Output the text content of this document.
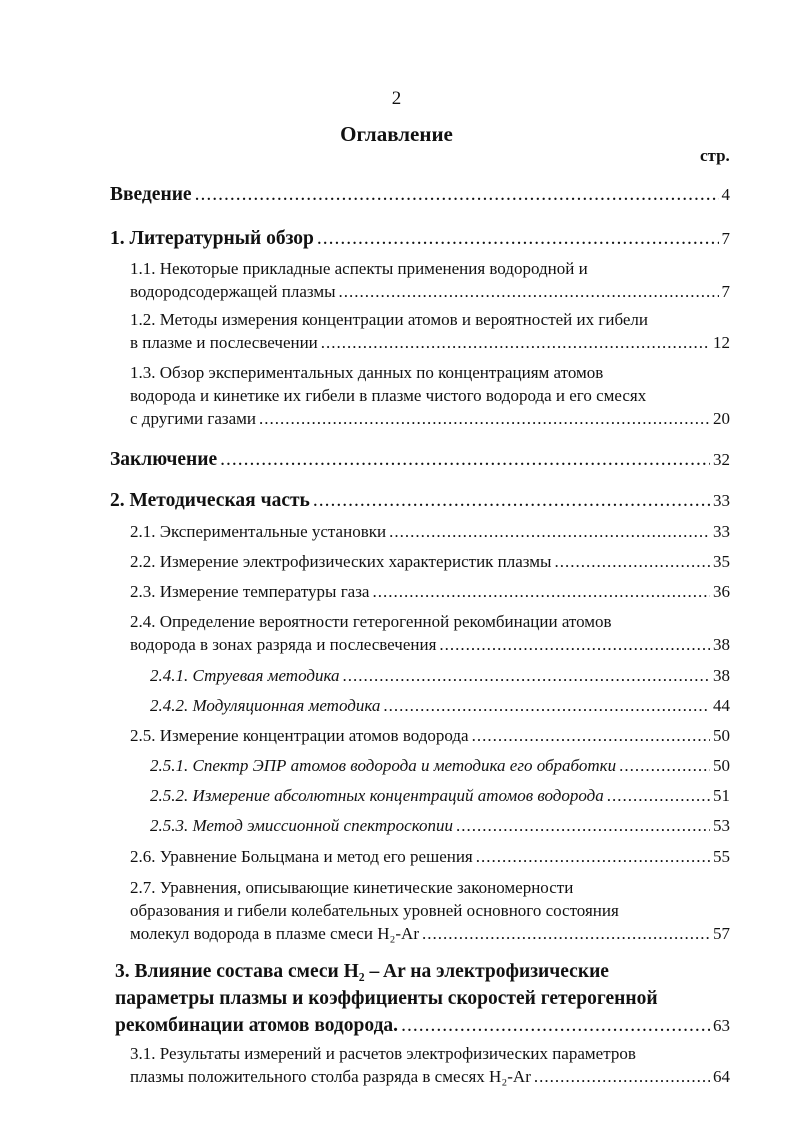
2
Оглавление
стр.
Введение .....	4
1. Литературный обзор .....	7
1.1. Некоторые прикладные аспекты применения водородной и
водородсодержащей плазмы .....	7
1.2. Методы измерения концентрации атомов и вероятностей их гибели
в плазме и послесвечении .....	12
1.3. Обзор экспериментальных данных по концентрациям атомов
водорода и кинетике их гибели в плазме чистого водорода и его смесях
с другими газами .....	20
Заключение .....	32
2. Методическая часть .....	33
2.1. Экспериментальные установки .....	33
2.2. Измерение электрофизических характеристик плазмы .....	35
2.3. Измерение температуры газа .....	36
2.4. Определение вероятности гетерогенной рекомбинации атомов
водорода в зонах разряда и послесвечения .....	38
2.4.1. Струевая методика .....	38
2.4.2. Модуляционная методика .....	44
2.5. Измерение концентрации атомов водорода .....	50
2.5.1. Спектр ЭПР атомов водорода и методика его обработки .....	50
2.5.2. Измерение абсолютных концентраций атомов водорода .....	51
2.5.3. Метод эмиссионной спектроскопии .....	53
2.6. Уравнение Больцмана и метод его решения .....	55
2.7. Уравнения, описывающие кинетические закономерности
образования и гибели колебательных уровней основного состояния
молекул водорода в плазме смеси H₂-Ar .....	57
3. Влияние состава смеси H₂ – Ar на электрофизические
параметры плазмы и коэффициенты скоростей гетерогенной
рекомбинации атомов водорода. .....	63
3.1. Результаты измерений и расчетов электрофизических параметров
плазмы положительного столба разряда в смесях H₂-Ar .....	64
